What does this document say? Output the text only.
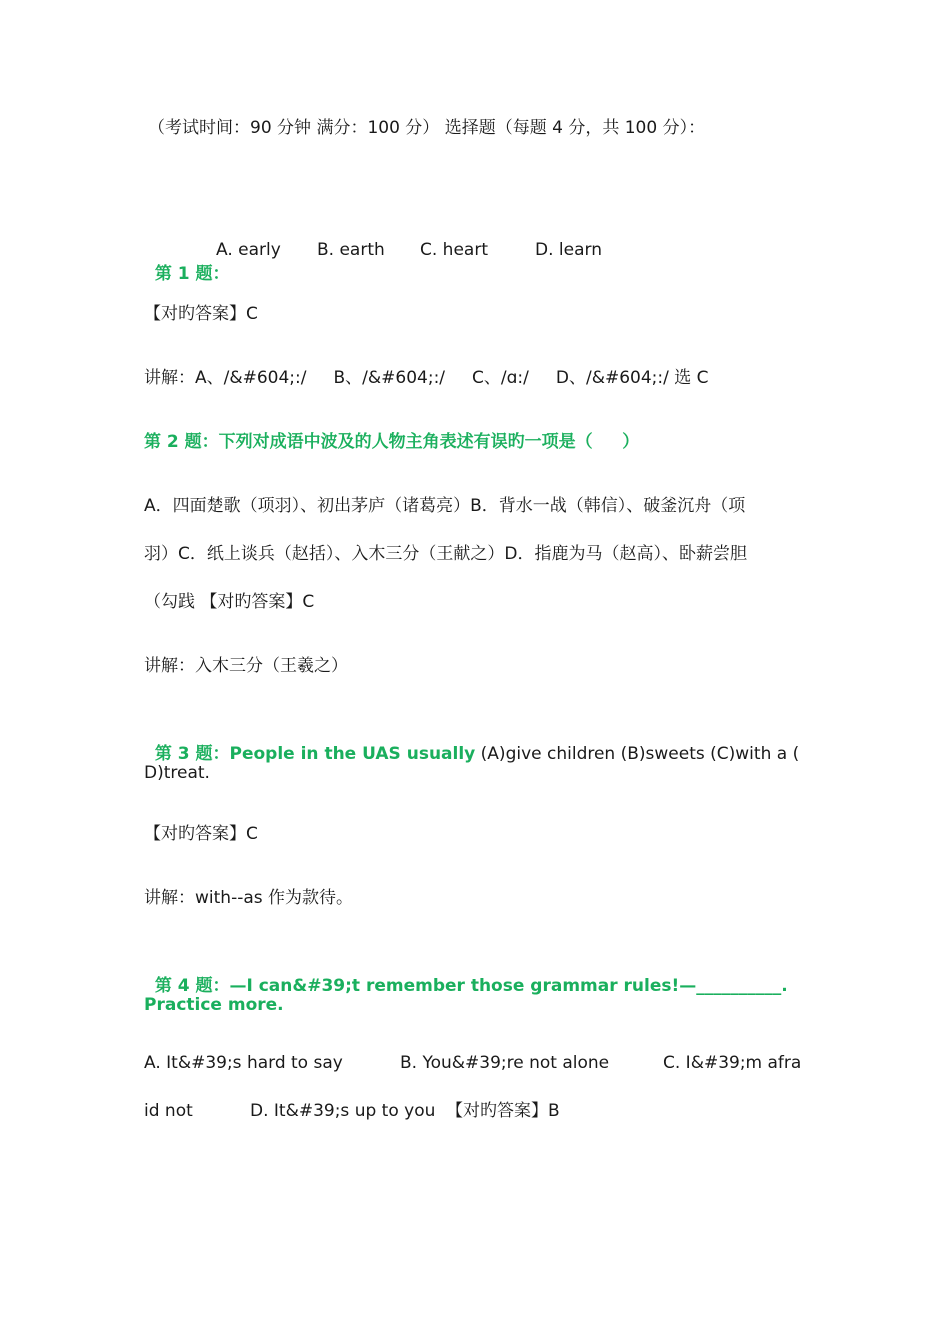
（考试时间：90 分钟 满分：100 分） 选择题（每题 4 分，共 100 分）：

第 1 题：

A. early B. earth C. heart	D. learn
【对旳答案】C
讲解：A、/&#604;:/     B、/&#604;:/     C、/ɑ:/     D、/&#604;:/ 选 C
第 2 题：下列对成语中波及的人物主角表述有误旳一项是（     ）
A．四面楚歌（项羽）、初出茅庐（诸葛亮）B．背水一战（韩信）、破釜沉舟（项
羽）C．纸上谈兵（赵括）、入木三分（王献之）D．指鹿为马（赵高）、卧薪尝胆
（勾践 【对旳答案】C
讲解：入木三分（王羲之）

第 3 题：People in the UAS usually (A)give children (B)sweets (C)with a (

D)treat.
【对旳答案】C
讲解：with--as 作为款待。

第 4 题：—I can&#39;t remember those grammar rules!—__________.

Practice more.
A. It&#39;s hard to say	B. You&#39;re not alone	C. I&#39;m afra
id not	D. It&#39;s up to you 【对旳答案】B
